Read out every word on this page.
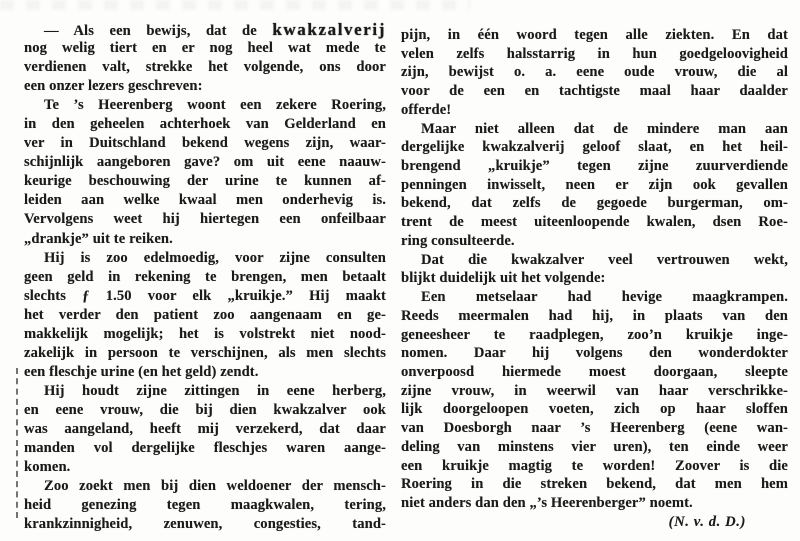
— Als een bewijs, dat de kwakzalverij
nog welig tiert en er nog heel wat mede te
verdienen valt, strekke het volgende, ons door
een onzer lezers geschreven:
Te ’s Heerenberg woont een zekere Roering,
in den geheelen achterhoek van Gelderland en
ver in Duitschland bekend wegens zijn, waar-
schijnlijk aangeboren gave? om uit eene naauw-
keurige beschouwing der urine te kunnen af-
leiden aan welke kwaal men onderhevig is.
Vervolgens weet hij hiertegen een onfeilbaar
„drankje” uit te reiken.
Hij is zoo edelmoedig, voor zijne consulten
geen geld in rekening te brengen, men betaalt
slechts ƒ 1.50 voor elk „kruikje.” Hij maakt
het verder den patient zoo aangenaam en ge-
makkelijk mogelijk; het is volstrekt niet nood-
zakelijk in persoon te verschijnen, als men slechts
een fleschje urine (en het geld) zendt.
Hij houdt zijne zittingen in eene herberg,
en eene vrouw, die bij dien kwakzalver ook
was aangeland, heeft mij verzekerd, dat daar
manden vol dergelijke fleschjes waren aange-
komen.
Zoo zoekt men bij dien weldoener der mensch-
heid genezing tegen maagkwalen, tering,
krankzinnigheid, zenuwen, congesties, tand-
pijn, in één woord tegen alle ziekten. En dat
velen zelfs halsstarrig in hun goedgeloovigheid
zijn, bewijst o. a. eene oude vrouw, die al
voor de een en tachtigste maal haar daalder
offerde!
Maar niet alleen dat de mindere man aan
dergelijke kwakzalverij geloof slaat, en het heil-
brengend „kruikje” tegen zijne zuurverdiende
penningen inwisselt, neen er zijn ook gevallen
bekend, dat zelfs de gegoede burgerman, om-
trent de meest uiteenloopende kwalen, dsen Roe-
ring consulteerde.
Dat die kwakzalver veel vertrouwen wekt,
blijkt duidelijk uit het volgende:
Een metselaar had hevige maagkrampen.
Reeds meermalen had hij, in plaats van den
geneesheer te raadplegen, zoo’n kruikje inge-
nomen. Daar hij volgens den wonderdokter
onverpoosd hiermede moest doorgaan, sleepte
zijne vrouw, in weerwil van haar verschrikke-
lijk doorgeloopen voeten, zich op haar sloffen
van Doesborgh naar ’s Heerenberg (eene wan-
deling van minstens vier uren), ten einde weer
een kruikje magtig te worden! Zoover is die
Roering in die streken bekend, dat men hem
niet anders dan den „’s Heerenberger” noemt.
(N. v. d. D.)
